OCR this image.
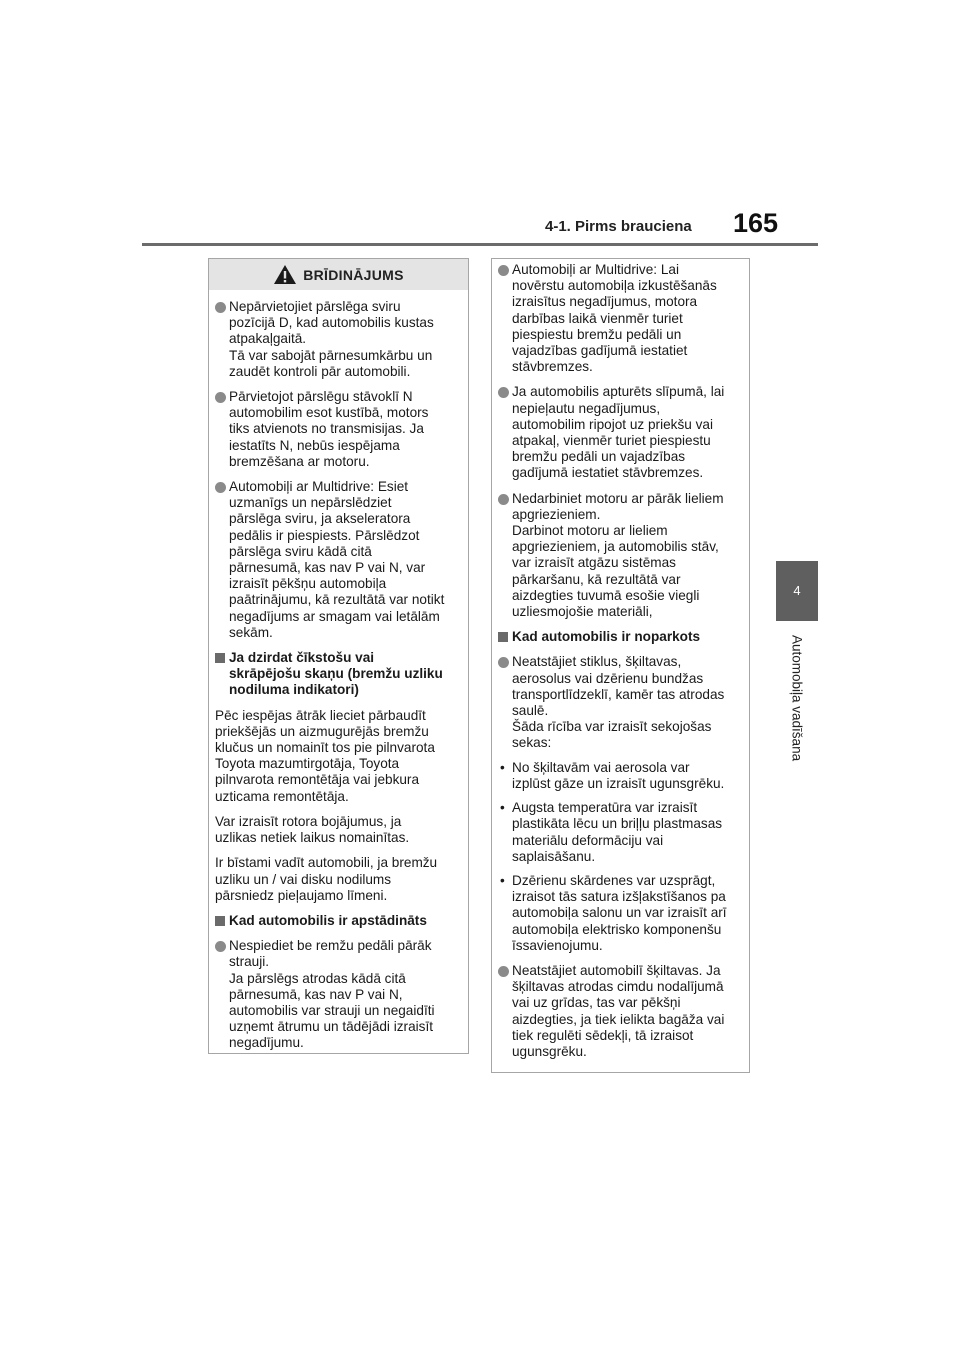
4-1. Pirms brauciena 165
4
Automobiļa vadīšana
BRĪDINĀJUMS
Nepārvietojiet pārslēga sviru
pozīcijā D, kad automobilis kustas
atpakaļgaitā.
Tā var sabojāt pārnesumkārbu un
zaudēt kontroli pār automobili.
Pārvietojot pārslēgu stāvoklī N
automobilim esot kustībā, motors
tiks atvienots no transmisijas. Ja
iestatīts N, nebūs iespējama
bremzēšana ar motoru.
Automobiļi ar Multidrive: Esiet
uzmanīgs un nepārslēdziet
pārslēga sviru, ja akseleratora
pedālis ir piespiests. Pārslēdzot
pārslēga sviru kādā citā
pārnesumā, kas nav P vai N, var
izraisīt pēkšņu automobiļa
paātrinājumu, kā rezultātā var notikt
negadījums ar smagam vai letālām
sekām.
Ja dzirdat čīkstošu vai
skrāpējošu skaņu (bremžu uzliku
nodiluma indikatori)
Pēc iespējas ātrāk lieciet pārbaudīt
priekšējās un aizmugurējās bremžu
klučus un nomainīt tos pie pilnvarota
Toyota mazumtirgotāja, Toyota
pilnvarota remontētāja vai jebkura
uzticama remontētāja.
Var izraisīt rotora bojājumus, ja
uzlikas netiek laikus nomainītas.
Ir bīstami vadīt automobili, ja bremžu
uzliku un / vai disku nodilums
pārsniedz pieļaujamo līmeni.
Kad automobilis ir apstādināts
Nespiediet be remžu pedāli pārāk
strauji.
Ja pārslēgs atrodas kādā citā
pārnesumā, kas nav P vai N,
automobilis var strauji un negaidīti
uzņemt ātrumu un tādējādi izraisīt
negadījumu.
Automobiļi ar Multidrive: Lai
novērstu automobiļa izkustēšanās
izraisītus negadījumus, motora
darbības laikā vienmēr turiet
piespiestu bremžu pedāli un
vajadzības gadījumā iestatiet
stāvbremzes.
Ja automobilis apturēts slīpumā, lai
nepieļautu negadījumus,
automobilim ripojot uz priekšu vai
atpakaļ, vienmēr turiet piespiestu
bremžu pedāli un vajadzības
gadījumā iestatiet stāvbremzes.
Nedarbiniet motoru ar pārāk lieliem
apgriezieniem.
Darbinot motoru ar lieliem
apgriezieniem, ja automobilis stāv,
var izraisīt atgāzu sistēmas
pārkaršanu, kā rezultātā var
aizdegties tuvumā esošie viegli
uzliesmojošie materiāli,
Kad automobilis ir noparkots
Neatstājiet stiklus, šķiltavas,
aerosolus vai dzērienu bundžas
transportlīdzeklī, kamēr tas atrodas
saulē.
Šāda rīcība var izraisīt sekojošas
sekas:
• No šķiltavām vai aerosola var
izplūst gāze un izraisīt ugunsgrēku.
• Augsta temperatūra var izraisīt
plastikāta lēcu un briļļu plastmasas
materiālu deformāciju vai
saplaisāšanu.
• Dzērienu skārdenes var uzsprāgt,
izraisot tās satura izšļakstīšanos pa
automobiļa salonu un var izraisīt arī
automobiļa elektrisko komponenšu
īssavienojumu.
Neatstājiet automobilī šķiltavas. Ja
šķiltavas atrodas cimdu nodalījumā
vai uz grīdas, tas var pēkšņi
aizdegties, ja tiek ielikta bagāža vai
tiek regulēti sēdekļi, tā izraisot
ugunsgrēku.
